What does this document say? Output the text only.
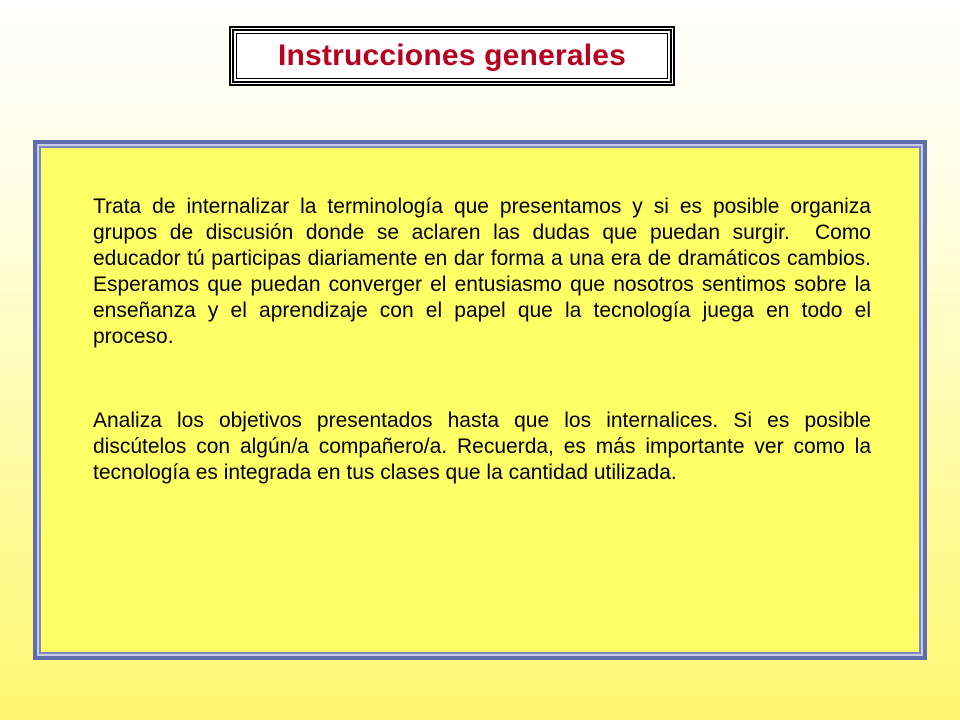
Instrucciones generales

Trata de internalizar la terminología que presentamos y si es posible organiza grupos de discusión donde se aclaren las dudas que puedan surgir.  Como educador tú participas diariamente en dar forma a una era de dramáticos cambios.  Esperamos que puedan converger el entusiasmo que nosotros sentimos sobre la enseñanza y el aprendizaje con el papel que la tecnología juega en todo el proceso.

Analiza los objetivos presentados hasta que los internalices. Si es posible discútelos con algún/a compañero/a. Recuerda, es más importante ver como la tecnología es integrada en tus clases que la cantidad utilizada.
